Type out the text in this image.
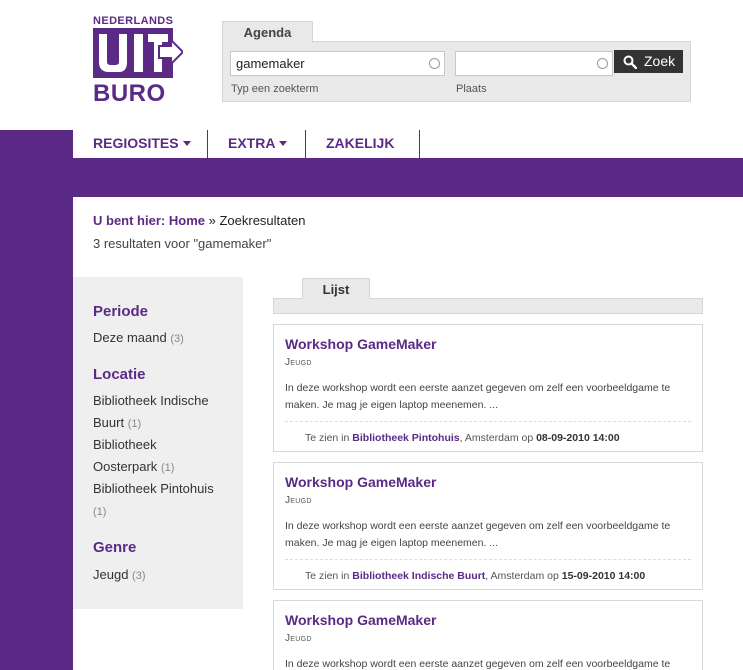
NEDERLANDS
BURO
Agenda
gamemaker
Typ een zoekterm	Plaats
Zoek
REGIOSITES	EXTRA	ZAKELIJK
U bent hier: Home » Zoekresultaten
3 resultaten voor "gamemaker"
Periode
Deze maand (3)
Locatie
Bibliotheek Indische
Buurt (1)
Bibliotheek
Oosterpark (1)
Bibliotheek Pintohuis
(1)
Genre
Jeugd (3)
Lijst
Workshop GameMaker
Jeugd
In deze workshop wordt een eerste aanzet gegeven om zelf een voorbeeldgame te
maken. Je mag je eigen laptop meenemen. ...
Te zien in Bibliotheek Pintohuis, Amsterdam op 08-09-2010 14:00
Workshop GameMaker
Jeugd
In deze workshop wordt een eerste aanzet gegeven om zelf een voorbeeldgame te
maken. Je mag je eigen laptop meenemen. ...
Te zien in Bibliotheek Indische Buurt, Amsterdam op 15-09-2010 14:00
Workshop GameMaker
Jeugd
In deze workshop wordt een eerste aanzet gegeven om zelf een voorbeeldgame te
